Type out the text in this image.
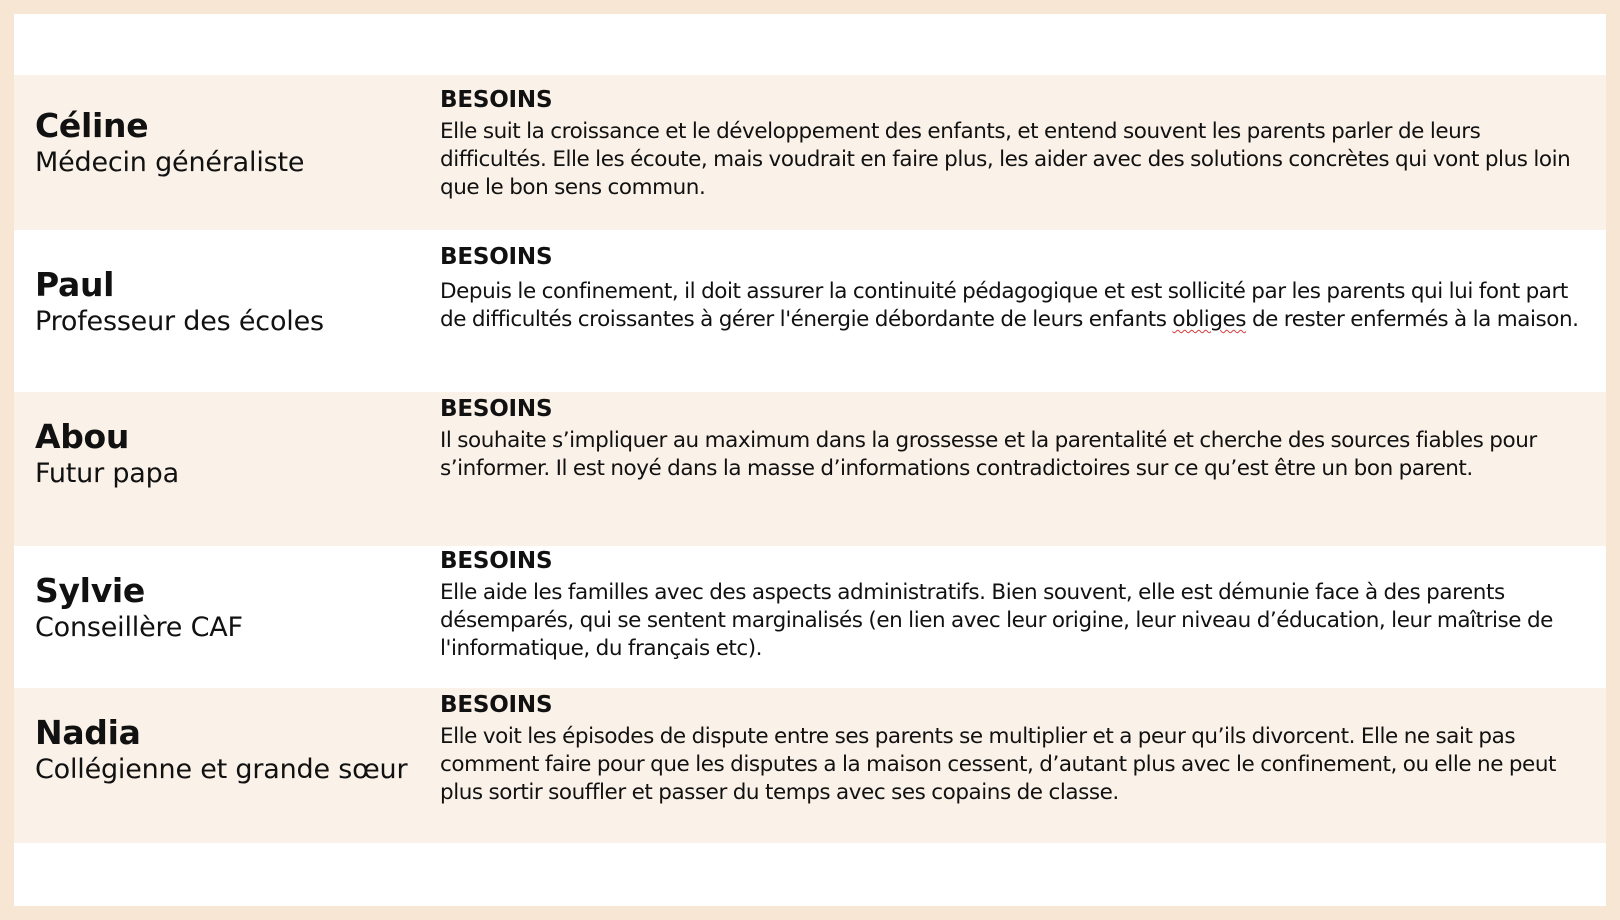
Céline
Médecin généraliste
BESOINS
Elle suit la croissance et le développement des enfants, et entend souvent les parents parler de leurs difficultés. Elle les écoute, mais voudrait en faire plus, les aider avec des solutions concrètes qui vont plus loin que le bon sens commun.
Paul
Professeur des écoles
BESOINS
Depuis le confinement, il doit assurer la continuité pédagogique et est sollicité par les parents qui lui font part de difficultés croissantes à gérer l'énergie débordante de leurs enfants obliges de rester enfermés à la maison.
Abou
Futur papa
BESOINS
Il souhaite s’impliquer au maximum dans la grossesse et la parentalité et cherche des sources fiables pour s’informer. Il est noyé dans la masse d’informations contradictoires sur ce qu’est être un bon parent.
Sylvie
Conseillère CAF
BESOINS
Elle aide les familles avec des aspects administratifs. Bien souvent, elle est démunie face à des parents désemparés, qui se sentent marginalisés (en lien avec leur origine, leur niveau d’éducation, leur maîtrise de l'informatique, du français etc).
Nadia
Collégienne et grande sœur
BESOINS
Elle voit les épisodes de dispute entre ses parents se multiplier et a peur qu’ils divorcent. Elle ne sait pas comment faire pour que les disputes a la maison cessent, d’autant plus avec le confinement, ou elle ne peut plus sortir souffler et passer du temps avec ses copains de classe.
